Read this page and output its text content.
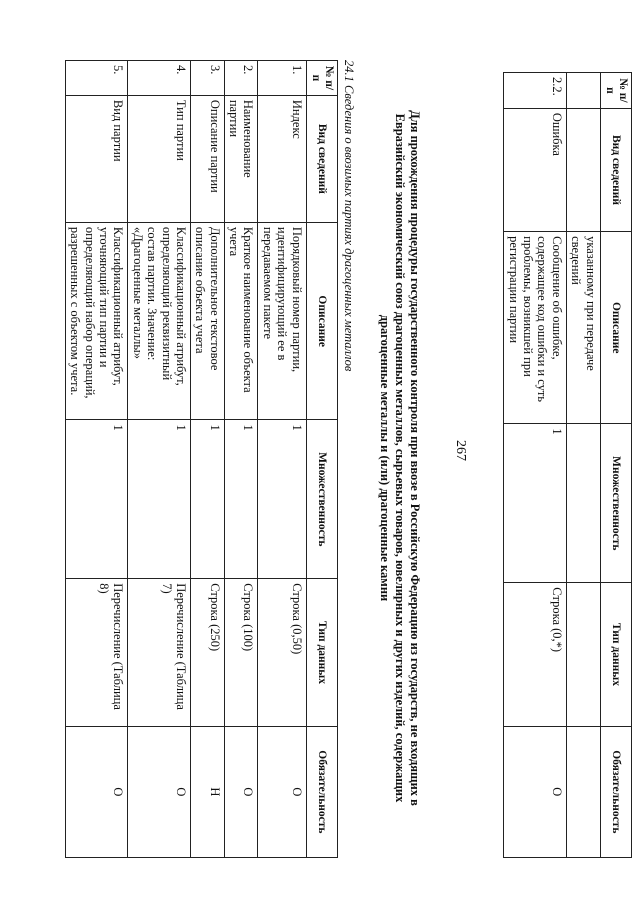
267
№ п/п	Вид сведений	Описание	Множественность	Тип данных	Обязательность
		указанному при передаче сведений			
2.2.	Ошибка	Сообщение об ошибке, содержащее код ошибки и суть проблемы, возникшей при регистрации партии	1	Строка (0,*)	О
Для прохождения процедуры государственного контроля при ввозе в Российскую Федерацию из государств, не входящих в Евразийский экономический союз драгоценных металлов, сырьевых товаров, ювелирных и других изделий, содержащих драгоценные металлы и (или) драгоценные камни
24.1 Сведения о ввозимых партиях драгоценных металлов
№ п/п	Вид сведений	Описание	Множественность	Тип данных	Обязательность
1.	Индекс	Порядковый номер партии, идентифицирующий ее в передаваемом пакете	1	Строка (0,50)	О
2.	Наименование партии	Краткое наименование объекта учета	1	Строка (100)	О
3.	Описание партии	Дополнительное текстовое описание объекта учета	1	Строка (250)	Н
4.	Тип партии	Классификационный атрибут, определяющий реквизитный состав партии. Значение: «Драгоценные металлы»	1	Перечисление (Таблица 7)	О
5.	Вид партии	Классификационный атрибут, уточняющий тип партии и определяющий набор операций, разрешенных с объектом учета.	1	Перечисление (Таблица 8)	О
